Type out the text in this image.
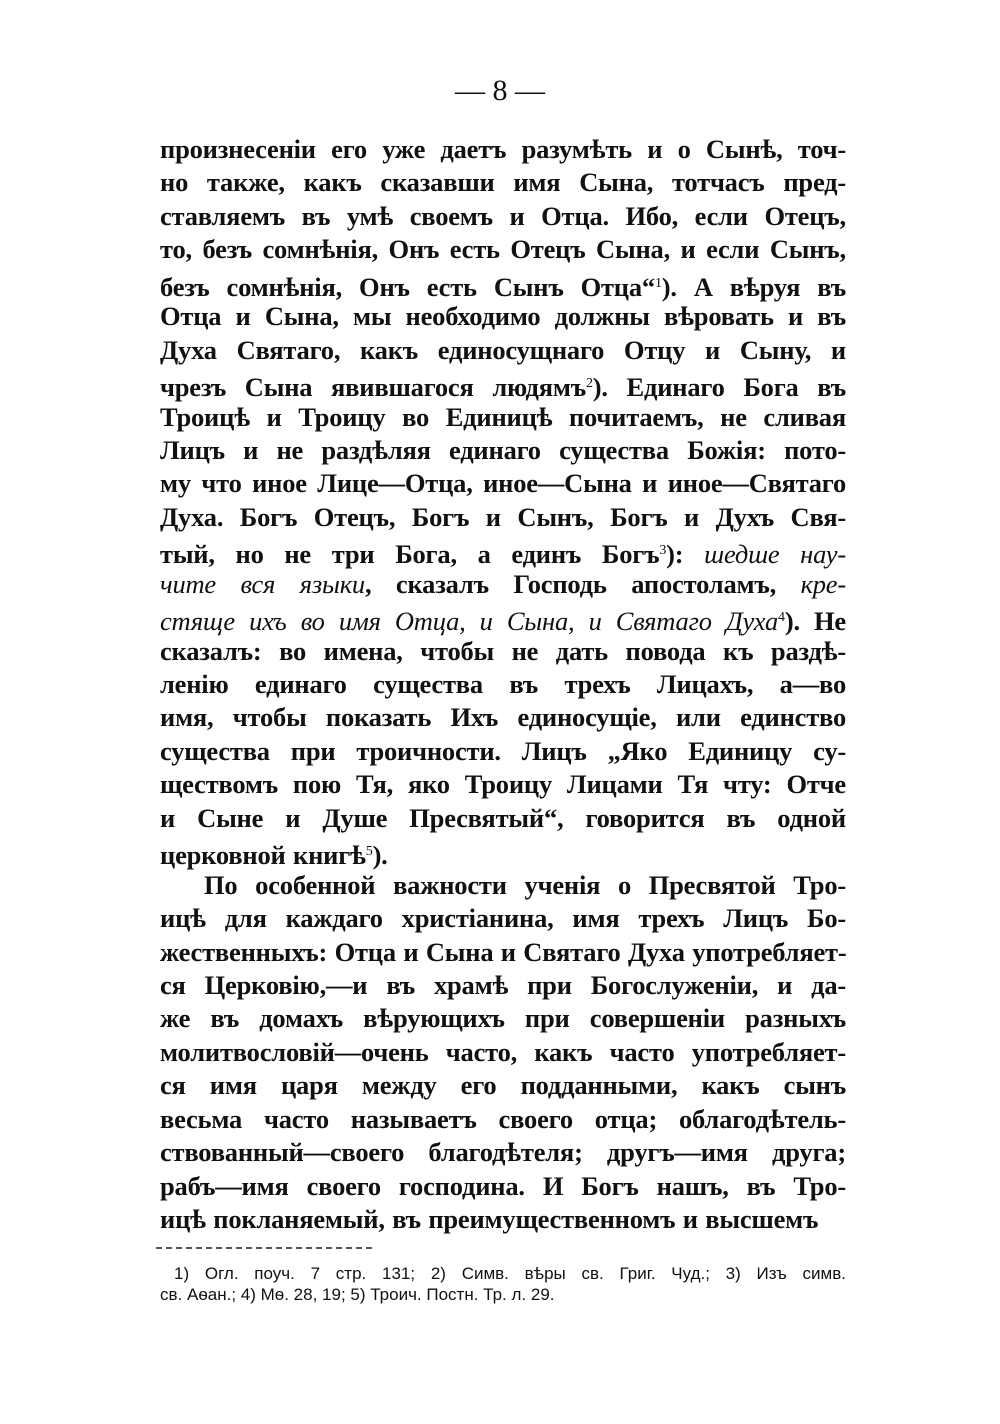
— 8 —
произнесенiи его уже даетъ разумѣть и о Сынѣ, точ-
но также, какъ сказавши имя Сына, тотчасъ пред-
ставляемъ въ умѣ своемъ и Отца. Ибо, если Отецъ,
то, безъ сомнѣнiя, Онъ есть Отецъ Сына, и если Сынъ,
безъ сомнѣнiя, Онъ есть Сынъ Отца“$^1$). А вѣруя въ
Отца и Сына, мы необходимо должны вѣровать и въ
Духа Святаго, какъ единосущнаго Отцу и Сыну, и
чрезъ Сына явившагося людямъ$^2$). Единаго Бога въ
Троицѣ и Троицу во Единицѣ почитаемъ, не сливая
Лицъ и не раздѣляя единаго существа Божiя: пото-
му что иное Лице—Отца, иное—Сына и иное—Святаго
Духа. Богъ Отецъ, Богъ и Сынъ, Богъ и Духъ Свя-
тый, но не три Бога, а единъ Богъ$^3$): шедше нау-
чите вся языки, сказалъ Господь апостоламъ, кре-
стяще ихъ во имя Отца, и Сына, и Святаго Духа$^4$). Не
сказалъ: во имена, чтобы не дать повода къ раздѣ-
ленiю единаго существа въ трехъ Лицахъ, а—во
имя, чтобы показать Ихъ единосущiе, или единство
существа при троичности. Лицъ „Яко Единицу су-
ществомъ пою Тя, яко Троицу Лицами Тя чту: Отче
и Сыне и Душе Пресвятый“, говорится въ одной
церковной книгѣ$^5$).
По особенной важности ученiя о Пресвятой Тро-
ицѣ для каждаго христiанина, имя трехъ Лицъ Бо-
жественныхъ: Отца и Сына и Святаго Духа употребляет-
ся Церковiю,—и въ храмѣ при Богослуженiи, и да-
же въ домахъ вѣрующихъ при совершенiи разныхъ
молитвословiй—очень часто, какъ часто употребляет-
ся имя царя между его подданными, какъ сынъ
весьма часто называетъ своего отца; облагодѣтель-
ствованный—своего благодѣтеля; другъ—имя друга;
рабъ—имя своего господина. И Богъ нашъ, въ Тро-
ицѣ покланяемый, въ преимущественномъ и высшемъ
1) Огл. поуч. 7 стр. 131; 2) Симв. вѣры св. Григ. Чуд.; 3) Изъ симв.
св. Аѳан.; 4) Мѳ. 28, 19; 5) Троич. Постн. Тр. л. 29.
